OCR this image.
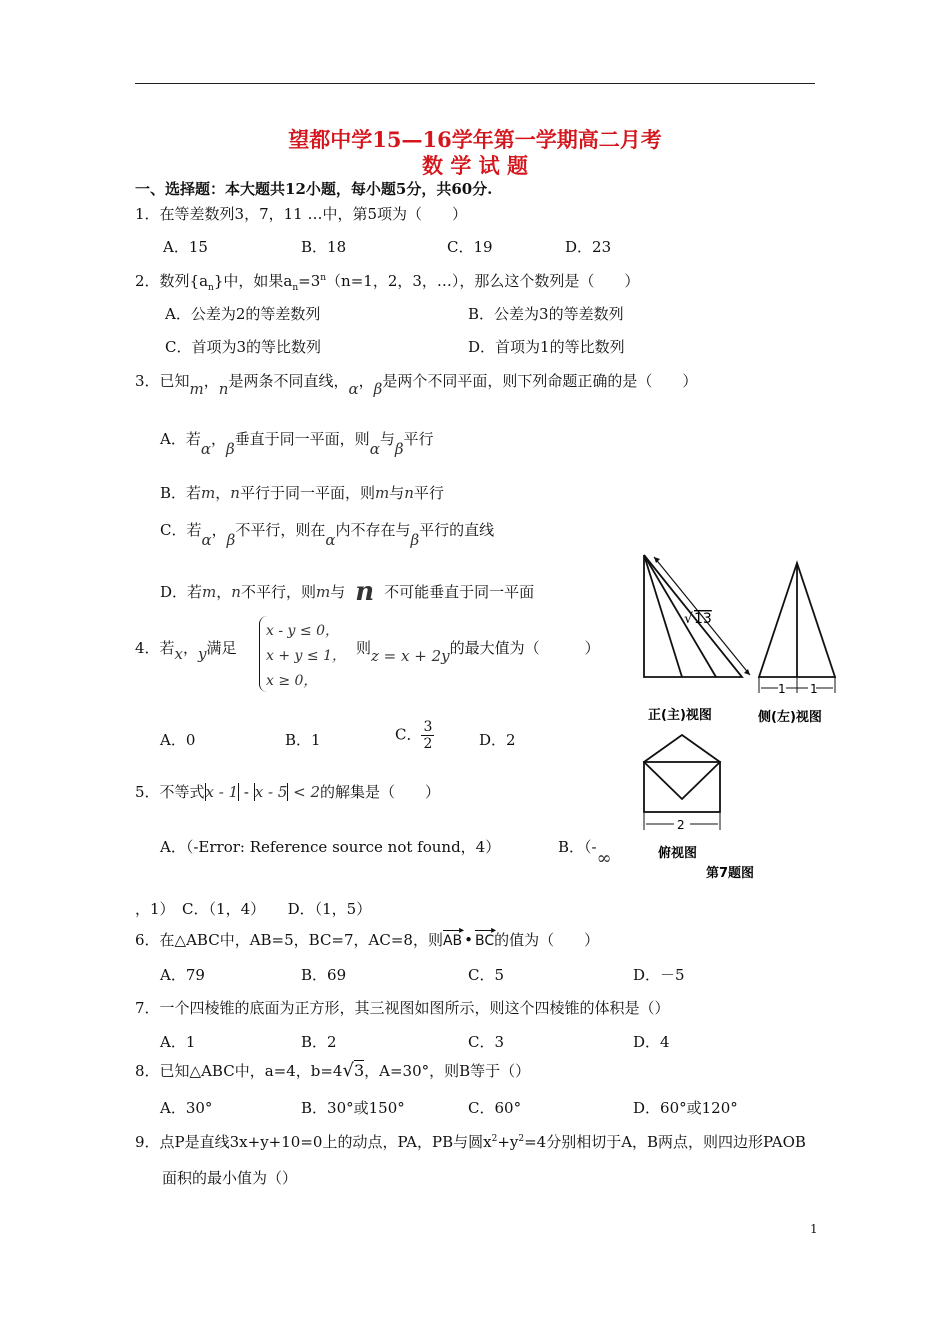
望都中学15—16学年第一学期高二月考
数 学 试 题
一、选择题：本大题共12小题，每小题5分，共60分.
1．在等差数列3，7，11 …中，第5项为（　　）
A．15	B．18	C．19	D．23
2．数列$\{a_n\}$中，如果$a_n=3^n(n=1$，2，3，…），那么这个数列是（　　）
A．公差为2的等差数列	B．公差为3的等差数列
C．首项为3的等比数列	D．首项为1的等比数列
3．已知m，n是两条不同直线，α，β是两个不同平面，则下列命题正确的是（　　）
A．若α，β垂直于同一平面，则α与β平行
B．若m，n平行于同一平面，则m与n平行
C．若α，β不平行，则在α内不存在与β平行的直线
D．若m，n不平行，则m与 n 不可能垂直于同一平面
4．若x，y满足
x - y ≤ 0，
x + y ≤ 1，
x ≥ 0，
则z = x + 2y的最大值为（　　　）
A．0	B．1	C． $\frac{3}{2}$	D．2
5．不等式x - 1 - x - 5 < 2的解集是（　　）
A．（-Error: Reference source not found，4）	B．（-∞
，1）　C．（1，4）　　D．（1，5）
6．在△ABC中，AB=5，BC=7，AC=8，则
▸
AB •
▸
BC的值为（　　）
A．79	B．69	C．5	D．－5
7．一个四棱锥的底面为正方形，其三视图如图所示，则这个四棱锥的体积是（）
A．1	B．2	C．3	D．4
8．已知△ABC中，a=4，b=4√3，A=30°，则B等于（）
A．30°	B．30°或150°	C．60°	D．60°或120°
9．点P是直线3x+y+10=0上的动点，PA，PB与圆$x^2+y^2=4$分别相切于A，B两点，则四边形PAOB
面积的最小值为（）
√ 13
1 1
正(主)视图	侧(左)视图
2
俯视图
第7题图
1
